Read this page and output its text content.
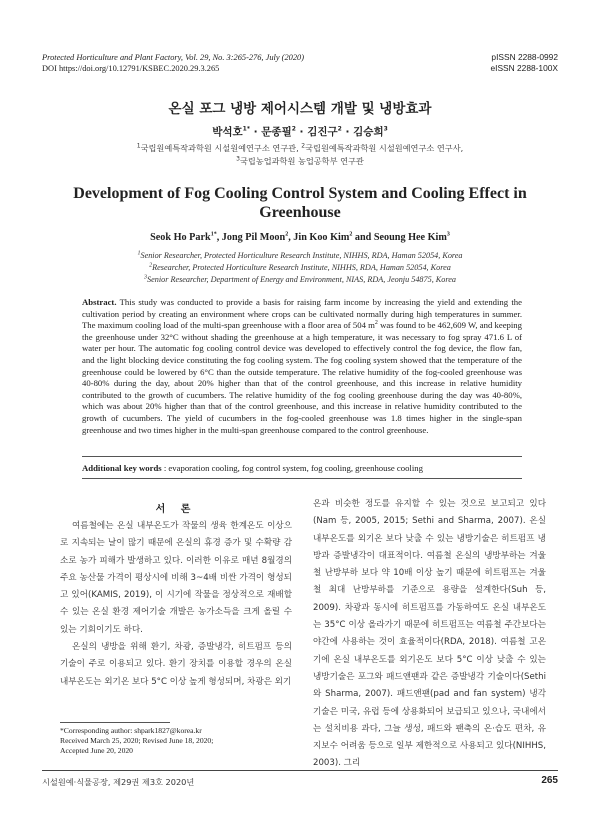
Protected Horticulture and Plant Factory, Vol. 29, No. 3:265-276, July (2020)
DOI https://doi.org/10.12791/KSBEC.2020.29.3.265
pISSN 2288-0992
eISSN 2288-100X
온실 포그 냉방 제어시스템 개발 및 냉방효과
박석호$^{1*}$ · 문종필$^2$ · 김진구$^2$ · 김승희$^3$
$^1$국립원예특작과학원 시설원예연구소 연구관, $^2$국립원예특작과학원 시설원예연구소 연구사,
$^3$국립농업과학원 농업공학부 연구관
Development of Fog Cooling Control System and Cooling Effect in Greenhouse
Seok Ho Park$^{1*}$, Jong Pil Moon$^2$, Jin Koo Kim$^2$ and Seoung Hee Kim$^3$
$^1$Senior Researcher, Protected Horticulture Research Institute, NIHHS, RDA, Haman 52054, Korea
$^2$Researcher, Protected Horticulture Research Institute, NIHHS, RDA, Haman 52054, Korea
$^3$Senior Researcher, Department of Energy and Environment, NIAS, RDA, Jeonju 54875, Korea
Abstract. This study was conducted to provide a basis for raising farm income by increasing the yield and extending the cultivation period by creating an environment where crops can be cultivated normally during high temperatures in summer. The maximum cooling load of the multi-span greenhouse with a floor area of 504 $m^2$ was found to be 462,609 W, and keeping the greenhouse under 32°C without shading the greenhouse at a high temperature, it was necessary to fog spray 471.6 L of water per hour. The automatic fog cooling control device was developed to effectively control the fog device, the flow fan, and the light blocking device constituting the fog cooling system. The fog cooling system showed that the temperature of the greenhouse could be lowered by 6°C than the outside temperature. The relative humidity of the fog-cooled greenhouse was 40-80% during the day, about 20% higher than that of the control greenhouse, and this increase in relative humidity contributed to the growth of cucumbers. The relative humidity of the fog cooling greenhouse during the day was 40-80%, which was about 20% higher than that of the control greenhouse, and this increase in relative humidity contributed to the growth of cucumbers. The yield of cucumbers in the fog-cooled greenhouse was 1.8 times higher in the single-span greenhouse and two times higher in the multi-span greenhouse compared to the control greenhouse.
Additional key words : evaporation cooling, fog control system, fog cooling, greenhouse cooling
서 론

여름철에는 온실 내부온도가 작물의 생육 한계온도 이상으로 지속되는 날이 많기 때문에 온실의 휴경 증가 및 수확량 감소로 농가 피해가 발생하고 있다. 이러한 이유로 매년 8월경의 주요 농산물 가격이 평상시에 비해 3~4배 비싼 가격이 형성되고 있어(KAMIS, 2019), 이 시기에 작물을 정상적으로 재배할 수 있는 온실 환경 제어기술 개발은 농가소득을 크게 올릴 수 있는 기회이기도 하다.

온실의 냉방을 위해 환기, 차광, 증발냉각, 히트펌프 등의 기술이 주로 이용되고 있다. 환기 장치를 이용할 경우의 온실 내부온도는 외기온 보다 5°C 이상 높게 형성되며, 차광은 외기

온과 비슷한 정도를 유지할 수 있는 것으로 보고되고 있다(Nam 등, 2005, 2015; Sethi and Sharma, 2007). 온실 내부온도를 외기온 보다 낮출 수 있는 냉방기술은 히트펌프 냉방과 증발냉각이 대표적이다. 여름철 온실의 냉방부하는 겨울철 난방부하 보다 약 10배 이상 높기 때문에 히트펌프는 겨울철 최대 난방부하를 기준으로 용량을 설계한다(Suh 등, 2009). 차광과 동시에 히트펌프를 가동하여도 온실 내부온도는 35°C 이상 올라가기 때문에 히트펌프는 여름철 주간보다는 야간에 사용하는 것이 효율적이다(RDA, 2018). 여름철 고온기에 온실 내부온도를 외기온도 보다 5°C 이상 낮출 수 있는 냉방기술은 포그와 패드앤팬과 같은 증발냉각 기술이다(Sethi와 Sharma, 2007). 패드앤팬(pad and fan system) 냉각기술은 미국, 유럽 등에 상용화되어 보급되고 있으나, 국내에서는 설치비용 과다, 그늘 생성, 패드와 팬축의 온·습도 편차, 유지보수 어려움 등으로 일부 제한적으로 사용되고 있다(NIHHS, 2003). 그리

*Corresponding author: shpark1827@korea.kr
Received March 25, 2020; Revised June 18, 2020;
Accepted June 20, 2020
시설원예·식물공장, 제29권 제3호 2020년	265
